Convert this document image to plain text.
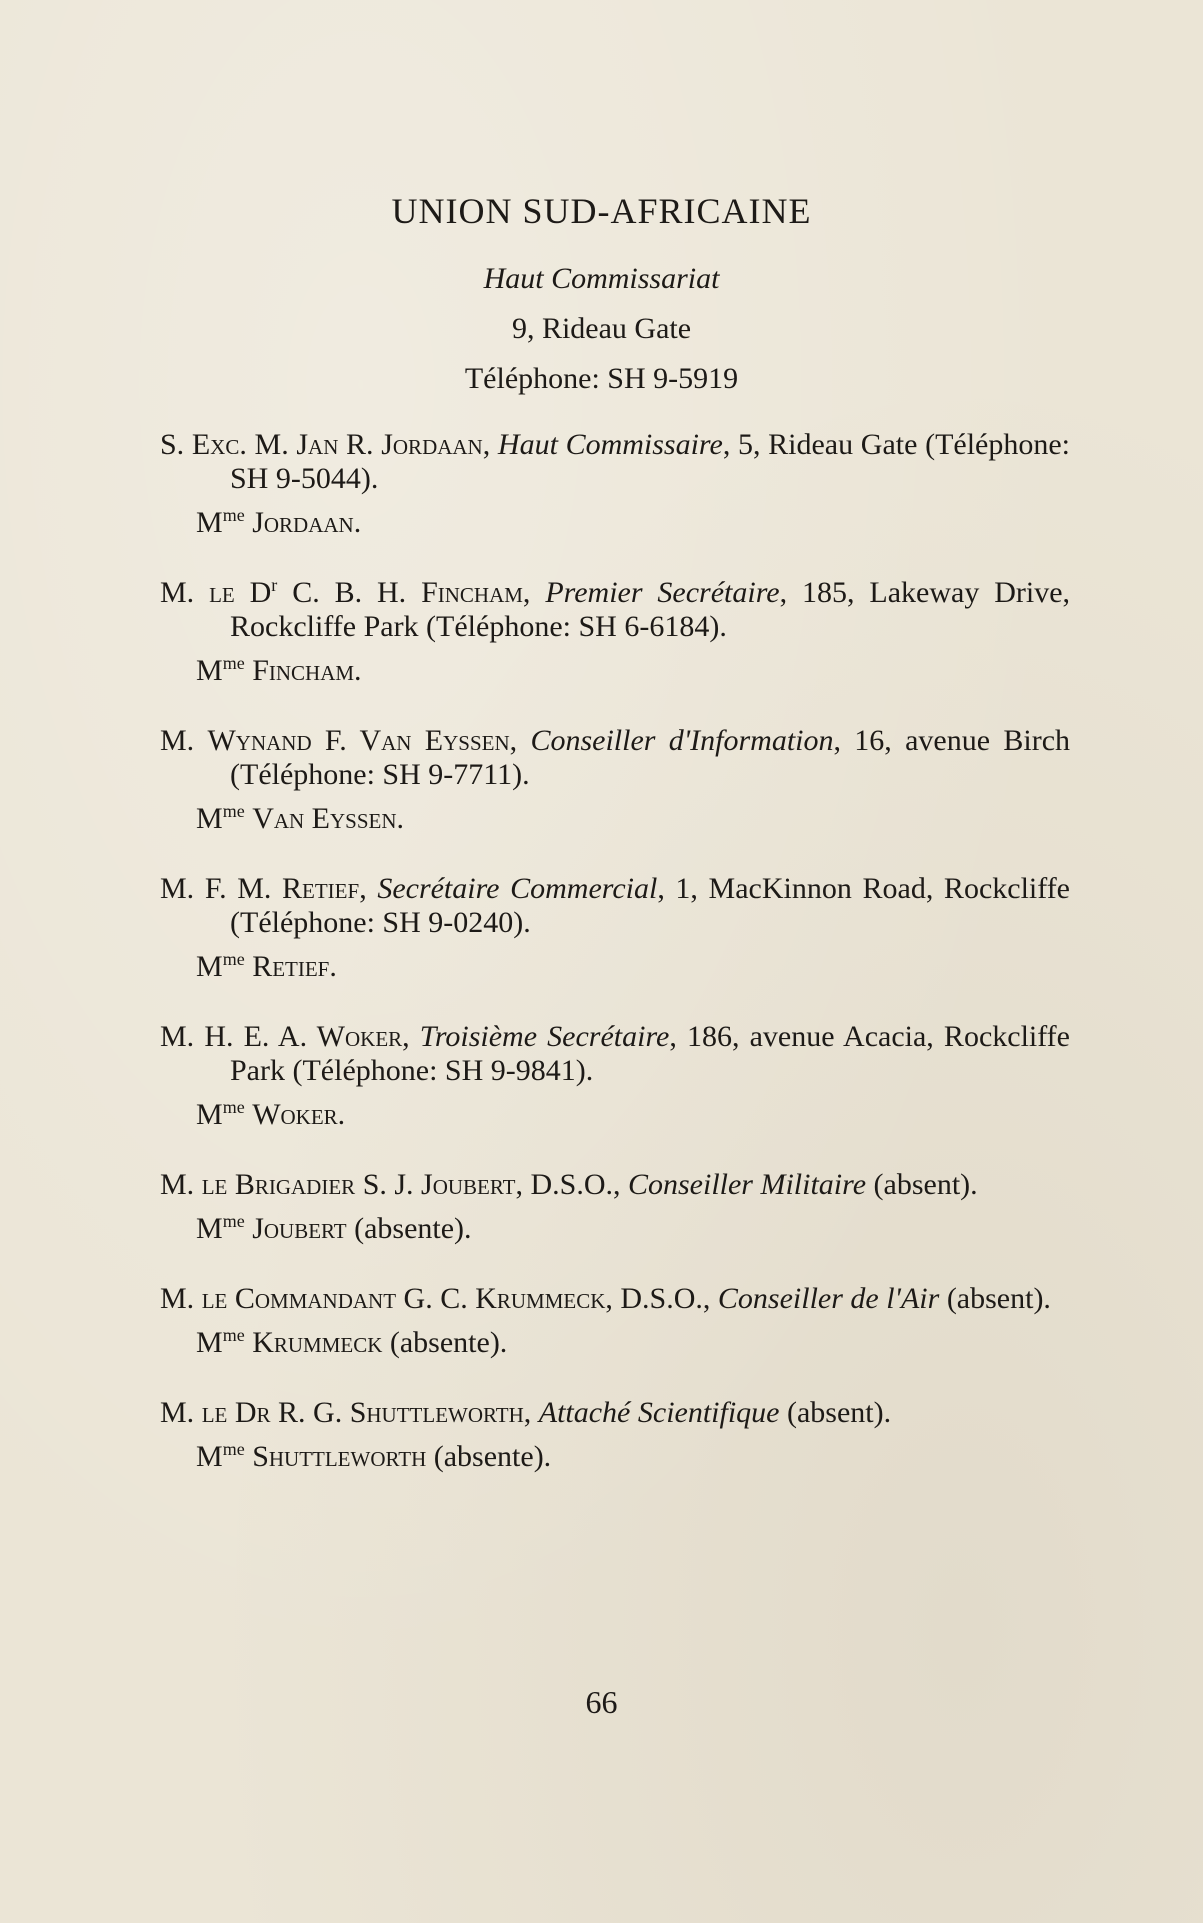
UNION SUD-AFRICAINE
Haut Commissariat
9, Rideau Gate
Téléphone: SH 9-5919
S. Exc. M. Jan R. Jordaan, Haut Commissaire, 5, Rideau Gate (Téléphone: SH 9-5044).
$M^{me}$ Jordaan.
M. le $D^r$ C. B. H. Fincham, Premier Secrétaire, 185, Lakeway Drive, Rockcliffe Park (Téléphone: SH 6-6184).
$M^{me}$ Fincham.
M. Wynand F. Van Eyssen, Conseiller d'Information, 16, avenue Birch (Téléphone: SH 9-7711).
$M^{me}$ Van Eyssen.
M. F. M. Retief, Secrétaire Commercial, 1, MacKinnon Road, Rockcliffe (Téléphone: SH 9-0240).
$M^{me}$ Retief.
M. H. E. A. Woker, Troisième Secrétaire, 186, avenue Acacia, Rockcliffe Park (Téléphone: SH 9-9841).
$M^{me}$ Woker.
M. le Brigadier S. J. Joubert, D.S.O., Conseiller Militaire (absent).
$M^{me}$ Joubert (absente).
M. le Commandant G. C. Krummeck, D.S.O., Conseiller de l'Air (absent).
$M^{me}$ Krummeck (absente).
M. le Dr R. G. Shuttleworth, Attaché Scientifique (absent).
$M^{me}$ Shuttleworth (absente).
66
